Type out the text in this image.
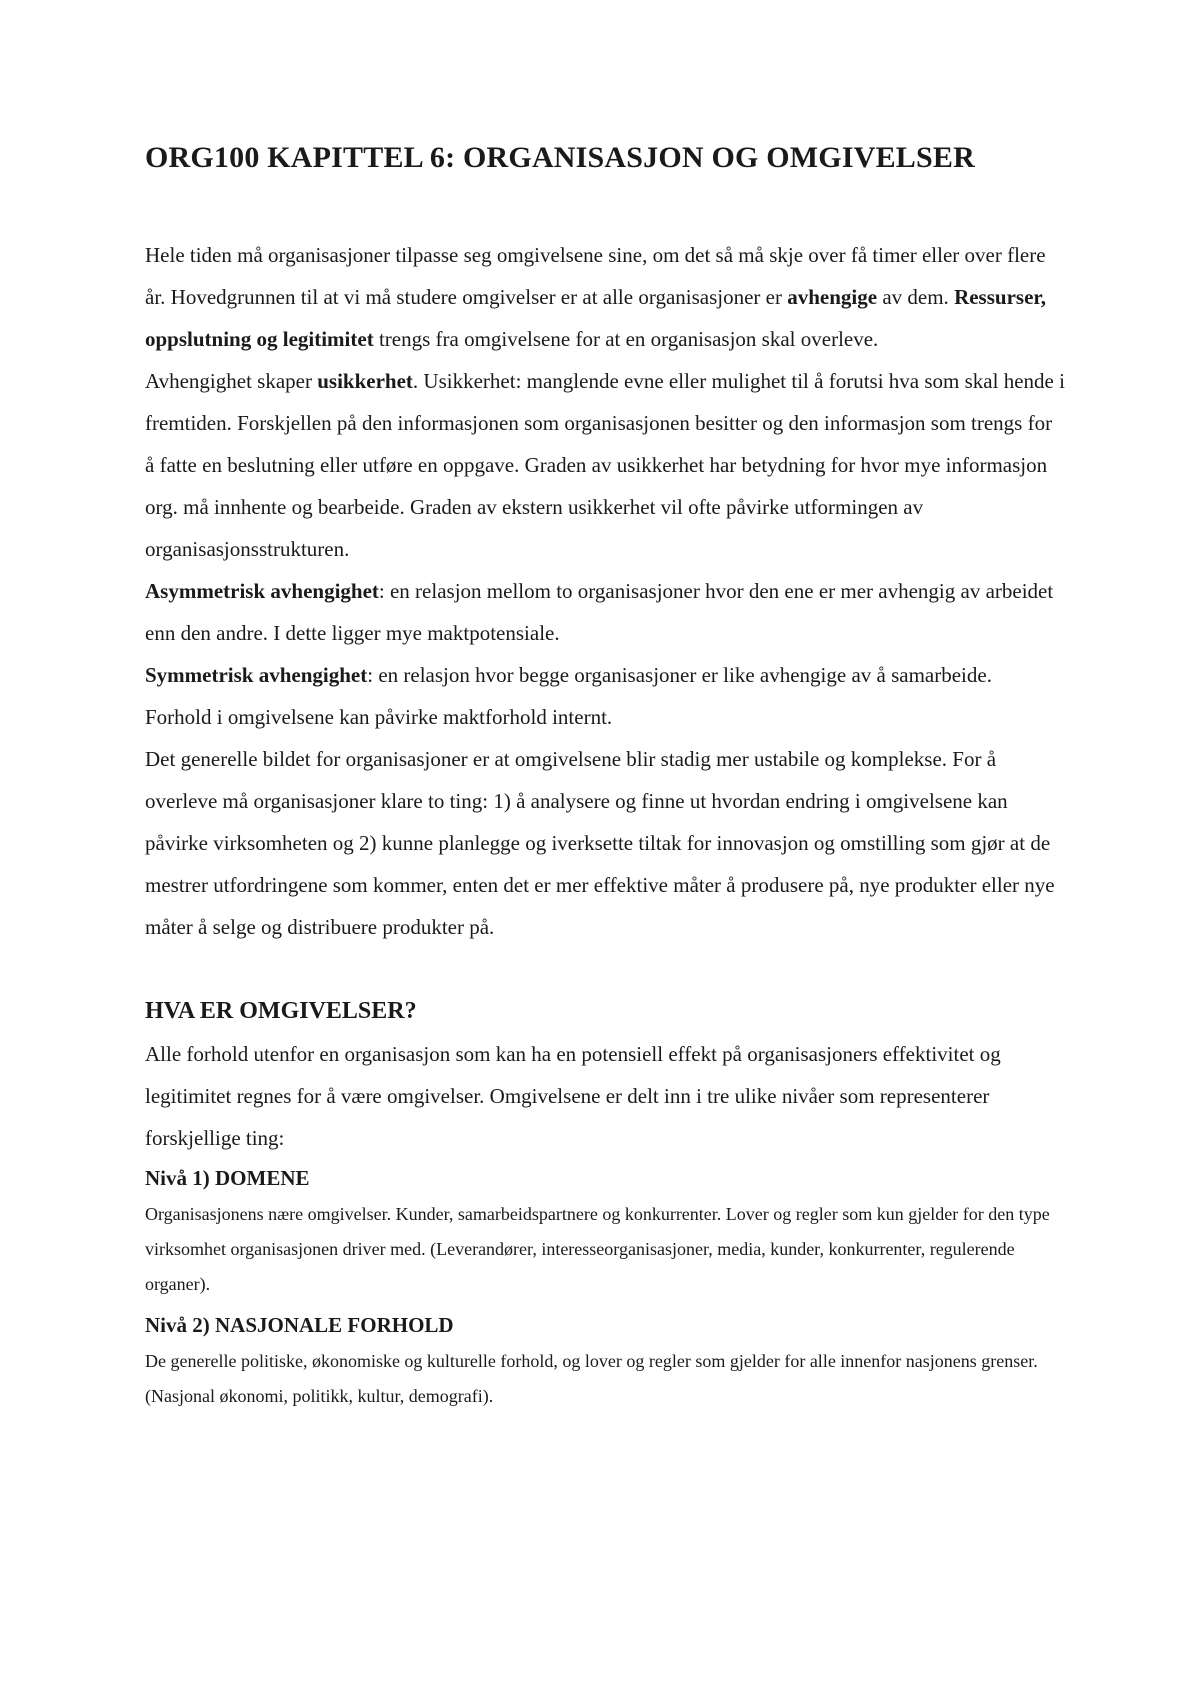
ORG100 KAPITTEL 6: ORGANISASJON OG OMGIVELSER

Hele tiden må organisasjoner tilpasse seg omgivelsene sine, om det så må skje over få timer eller over flere år. Hovedgrunnen til at vi må studere omgivelser er at alle organisasjoner er avhengige av dem. Ressurser, oppslutning og legitimitet trengs fra omgivelsene for at en organisasjon skal overleve.

Avhengighet skaper usikkerhet. Usikkerhet: manglende evne eller mulighet til å forutsi hva som skal hende i fremtiden. Forskjellen på den informasjonen som organisasjonen besitter og den informasjon som trengs for å fatte en beslutning eller utføre en oppgave. Graden av usikkerhet har betydning for hvor mye informasjon org. må innhente og bearbeide. Graden av ekstern usikkerhet vil ofte påvirke utformingen av organisasjonsstrukturen.

Asymmetrisk avhengighet: en relasjon mellom to organisasjoner hvor den ene er mer avhengig av arbeidet enn den andre. I dette ligger mye maktpotensiale.

Symmetrisk avhengighet: en relasjon hvor begge organisasjoner er like avhengige av å samarbeide.

Forhold i omgivelsene kan påvirke maktforhold internt.

Det generelle bildet for organisasjoner er at omgivelsene blir stadig mer ustabile og komplekse. For å overleve må organisasjoner klare to ting: 1) å analysere og finne ut hvordan endring i omgivelsene kan påvirke virksomheten og 2) kunne planlegge og iverksette tiltak for innovasjon og omstilling som gjør at de mestrer utfordringene som kommer, enten det er mer effektive måter å produsere på, nye produkter eller nye måter å selge og distribuere produkter på.

HVA ER OMGIVELSER?

Alle forhold utenfor en organisasjon som kan ha en potensiell effekt på organisasjoners effektivitet og legitimitet regnes for å være omgivelser. Omgivelsene er delt inn i tre ulike nivåer som representerer forskjellige ting:

Nivå 1) DOMENE

Organisasjonens nære omgivelser. Kunder, samarbeidspartnere og konkurrenter. Lover og regler som kun gjelder for den type virksomhet organisasjonen driver med. (Leverandører, interesseorganisasjoner, media, kunder, konkurrenter, regulerende organer).

Nivå 2) NASJONALE FORHOLD

De generelle politiske, økonomiske og kulturelle forhold, og lover og regler som gjelder for alle innenfor nasjonens grenser. (Nasjonal økonomi, politikk, kultur, demografi).
